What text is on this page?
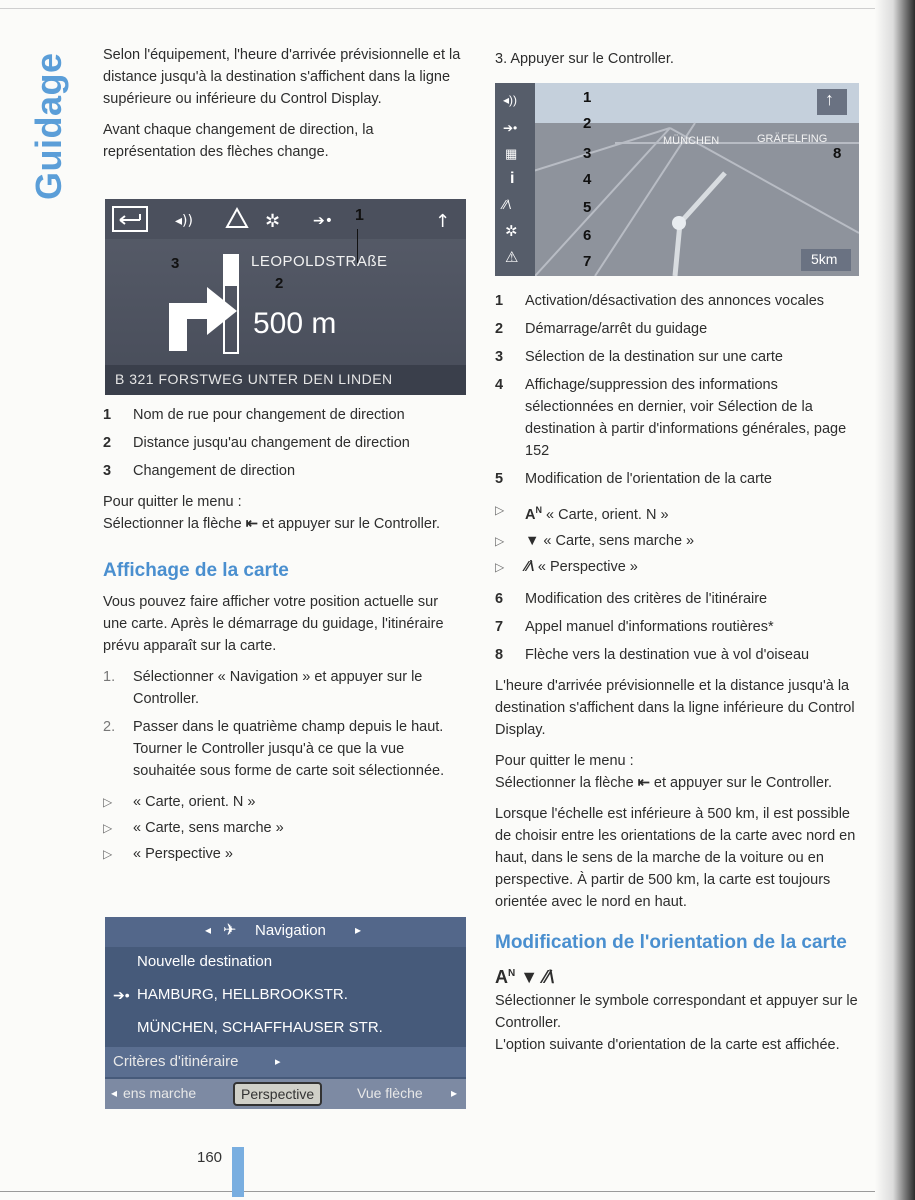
Guidage Selon l'équipement, l'heure d'arrivée prévisionnelle et la distance jusqu'à la destination s'affichent dans la ligne supérieure ou inférieure du Control Display.

Avant chaque changement de direction, la représentation des flèches change.

◂))	✲ ➔•	↑
1
3
2
LEOPOLDSTRAßE
500 m
B 321 FORSTWEG UNTER DEN LINDEN
1 Nom de rue pour changement de direction
2 Distance jusqu'au changement de direction
3 Changement de direction

Pour quitter le menu :

Sélectionner la flèche ⇤ et appuyer sur le Controller.

Affichage de la carte

Vous pouvez faire afficher votre position actuelle sur une carte. Après le démarrage du guidage, l'itinéraire prévu apparaît sur la carte.

1. Sélectionner « Navigation » et appuyer sur le Controller.
2. Passer dans le quatrième champ depuis le haut. Tourner le Controller jusqu'à ce que la vue souhaitée sous forme de carte soit sélectionnée.
▷ « Carte, orient. N »
▷ « Carte, sens marche »
▷ « Perspective »
◂ ✈ Navigation ▸
Nouvelle destination
➔• HAMBURG, HELLBROOKSTR.
MÜNCHEN, SCHAFFHAUSER STR.
Critères d'itinéraire	▸
◂ ens marche	Perspective	Vue flèche ▸

3. Appuyer sur le Controller.

◂))
➔•
▦
i
⁄⁄\
✲
⚠
1
2
3
4
5
6
7
8
MÜNCHEN	GRÄFELFING
↑
5km
1 Activation/désactivation des annonces vocales
2 Démarrage/arrêt du guidage
3 Sélection de la destination sur une carte
4 Affichage/suppression des informations sélectionnées en dernier, voir Sélection de la destination à partir d'informations générales, page 152
5 Modification de l'orientation de la carte
▷ $A^N$ « Carte, orient. N »
▷ ▼ « Carte, sens marche »
▷ ⁄⁄\ « Perspective »
6 Modification des critères de l'itinéraire
7 Appel manuel d'informations routières*
8 Flèche vers la destination vue à vol d'oiseau

L'heure d'arrivée prévisionnelle et la distance jusqu'à la destination s'affichent dans la ligne inférieure du Control Display.

Pour quitter le menu :

Sélectionner la flèche ⇤ et appuyer sur le Controller.

Lorsque l'échelle est inférieure à 500 km, il est possible de choisir entre les orientations de la carte avec nord en haut, dans le sens de la marche de la voiture ou en perspective. À partir de 500 km, la carte est toujours orientée avec le nord en haut.

Modification de l'orientation de la carte
$A^N$ ▼ ⁄⁄\

Sélectionner le symbole correspondant et appuyer sur le Controller.

L'option suivante d'orientation de la carte est affichée.

160
